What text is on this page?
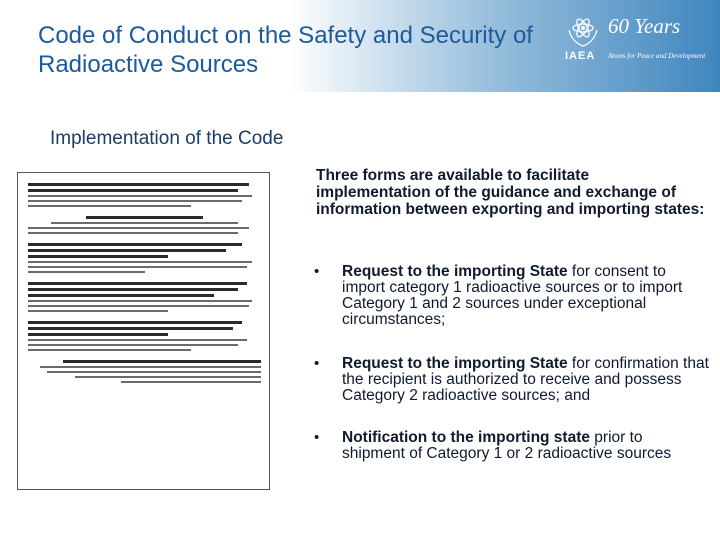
Code of Conduct on the Safety and Security of Radioactive Sources	IAEA
60 Years
Atoms for Peace and Development
Implementation of the Code

Three forms are available to facilitate implementation of the guidance and exchange of information between exporting and importing states:

• Request to the importing State for consent to import category 1 radioactive sources or to import Category 1 and 2 sources under exceptional circumstances;
• Request to the importing State for confirmation that the recipient is authorized to receive and possess Category 2 radioactive sources; and
• Notification to the importing state prior to shipment of Category 1 or 2 radioactive sources
